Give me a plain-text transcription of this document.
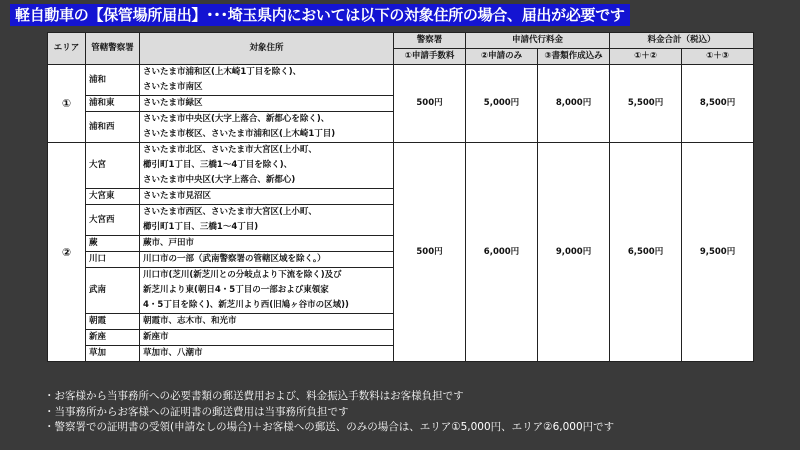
軽自動車の【保管場所届出】･･･埼玉県内においては以下の対象住所の場合、届出が必要です
エリア	管轄警察署	対象住所	警察署	申請代行料金		料金合計（税込）	
			①申請手数料	②申請のみ	③書類作成込み	①＋②	①＋③
①	浦和	さいたま市浦和区(上木崎1丁目を除く)、	500円	5,000円	8,000円	5,500円	8,500円
		さいたま市南区					
	浦和東	さいたま市緑区					
	浦和西	さいたま市中央区(大字上落合、新都心を除く)、					
		さいたま市桜区、さいたま市浦和区(上木崎1丁目)					
②	大宮	さいたま市北区、さいたま市大宮区(上小町、	500円	6,000円	9,000円	6,500円	9,500円
		櫛引町1丁目、三橋1～4丁目を除く)、					
		さいたま市中央区(大字上落合、新都心)					
	大宮東	さいたま市見沼区					
	大宮西	さいたま市西区、さいたま市大宮区(上小町、					
		櫛引町1丁目、三橋1～4丁目)					
	蕨	蕨市、戸田市					
	川口	川口市の一部（武南警察署の管轄区域を除く。）					
	武南	川口市(芝川(新芝川との分岐点より下流を除く)及び					
		新芝川より東(朝日4・5丁目の一部および東領家					
		4・5丁目を除く)、新芝川より西(旧鳩ヶ谷市の区域))					
	朝霞	朝霞市、志木市、和光市					
	新座	新座市					
	草加	草加市、八潮市					
・お客様から当事務所への必要書類の郵送費用および、料金振込手数料はお客様負担です
・当事務所からお客様への証明書の郵送費用は当事務所負担です
・警察署での証明書の受領(申請なしの場合)＋お客様への郵送、のみの場合は、エリア①5,000円、エリア②6,000円です
